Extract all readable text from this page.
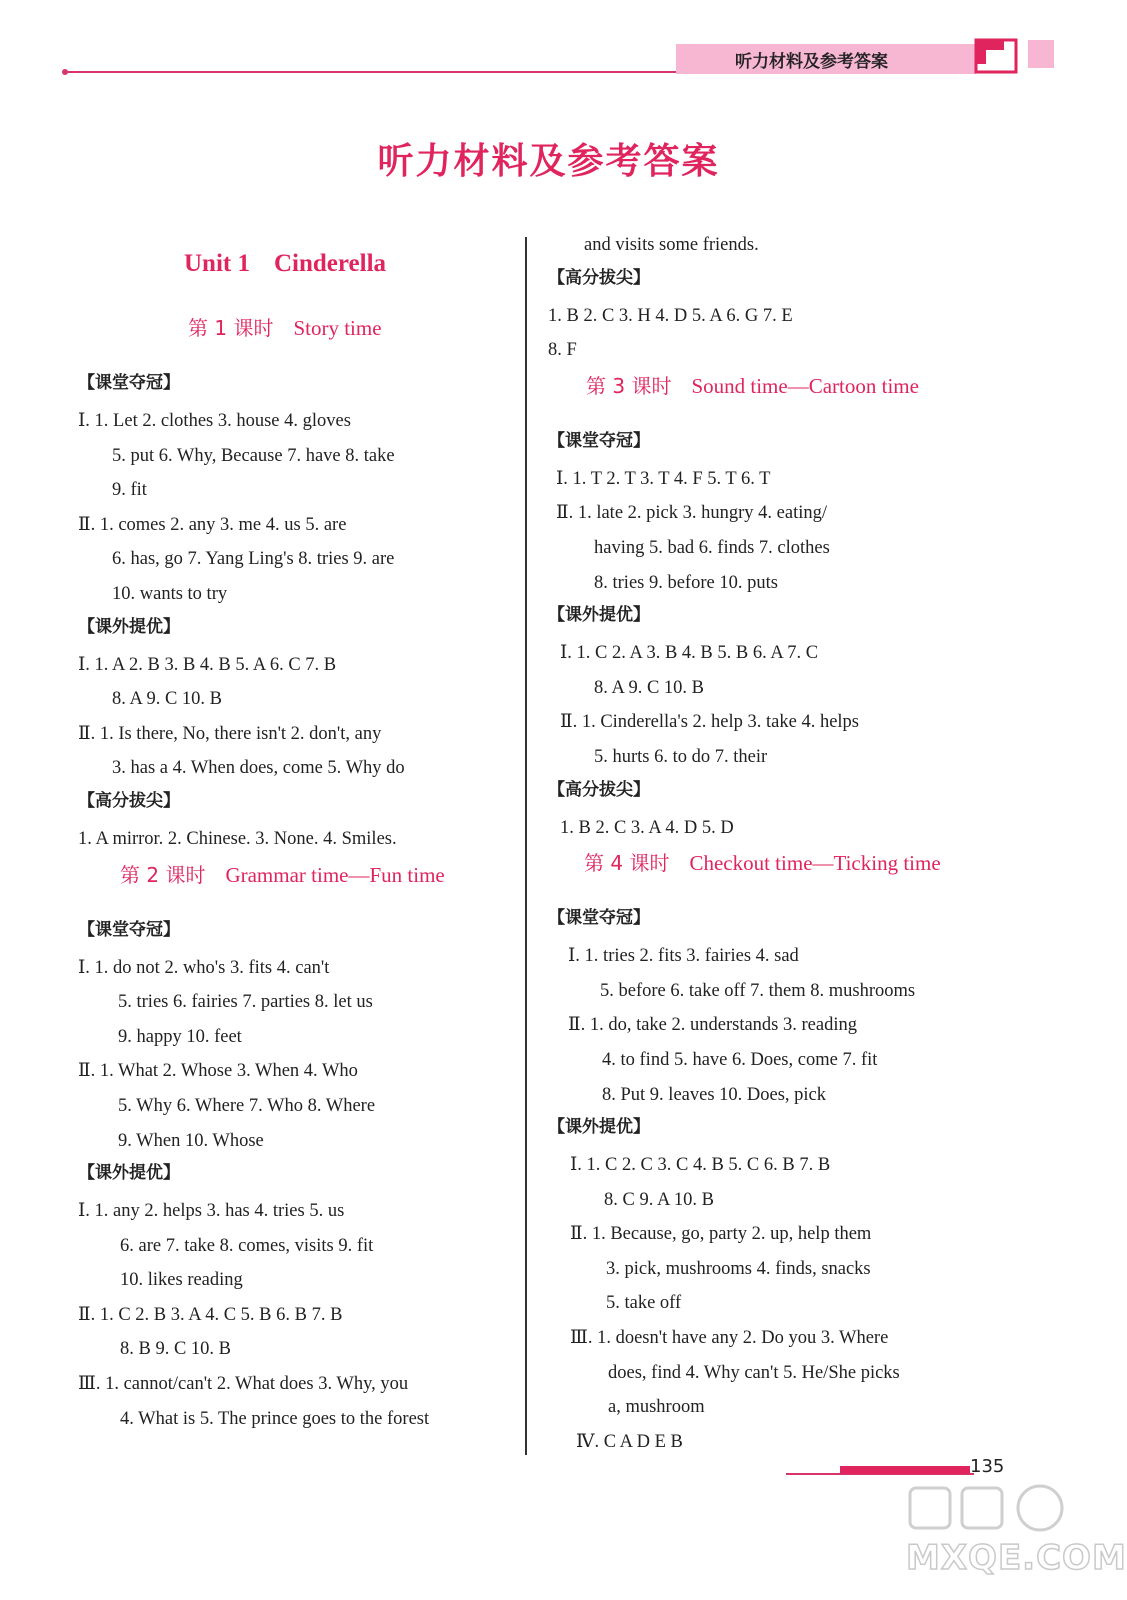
听力材料及参考答案
听力材料及参考答案
Unit 1 Cinderella
第 1 课时 Story time
【课堂夺冠】
Ⅰ. 1. Let 2. clothes 3. house 4. gloves
5. put 6. Why, Because 7. have 8. take
9. fit
Ⅱ. 1. comes 2. any 3. me 4. us 5. are
6. has, go 7. Yang Ling's 8. tries 9. are
10. wants to try
【课外提优】
Ⅰ. 1. A 2. B 3. B 4. B 5. A 6. C 7. B
8. A 9. C 10. B
Ⅱ. 1. Is there, No, there isn't 2. don't, any
3. has a 4. When does, come 5. Why do
【高分拔尖】
1. A mirror. 2. Chinese. 3. None. 4. Smiles.
第 2 课时 Grammar time—Fun time
【课堂夺冠】
Ⅰ. 1. do not 2. who's 3. fits 4. can't
5. tries 6. fairies 7. parties 8. let us
9. happy 10. feet
Ⅱ. 1. What 2. Whose 3. When 4. Who
5. Why 6. Where 7. Who 8. Where
9. When 10. Whose
【课外提优】
Ⅰ. 1. any 2. helps 3. has 4. tries 5. us
6. are 7. take 8. comes, visits 9. fit
10. likes reading
Ⅱ. 1. C 2. B 3. A 4. C 5. B 6. B 7. B
8. B 9. C 10. B
Ⅲ. 1. cannot/can't 2. What does 3. Why, you
4. What is 5. The prince goes to the forest
and visits some friends.
【高分拔尖】
1. B 2. C 3. H 4. D 5. A 6. G 7. E
8. F
第 3 课时 Sound time—Cartoon time
【课堂夺冠】
Ⅰ. 1. T 2. T 3. T 4. F 5. T 6. T
Ⅱ. 1. late 2. pick 3. hungry 4. eating/
having 5. bad 6. finds 7. clothes
8. tries 9. before 10. puts
【课外提优】
Ⅰ. 1. C 2. A 3. B 4. B 5. B 6. A 7. C
8. A 9. C 10. B
Ⅱ. 1. Cinderella's 2. help 3. take 4. helps
5. hurts 6. to do 7. their
【高分拔尖】
1. B 2. C 3. A 4. D 5. D
第 4 课时 Checkout time—Ticking time
【课堂夺冠】
Ⅰ. 1. tries 2. fits 3. fairies 4. sad
5. before 6. take off 7. them 8. mushrooms
Ⅱ. 1. do, take 2. understands 3. reading
4. to find 5. have 6. Does, come 7. fit
8. Put 9. leaves 10. Does, pick
【课外提优】
Ⅰ. 1. C 2. C 3. C 4. B 5. C 6. B 7. B
8. C 9. A 10. B
Ⅱ. 1. Because, go, party 2. up, help them
3. pick, mushrooms 4. finds, snacks
5. take off
Ⅲ. 1. doesn't have any 2. Do you 3. Where
does, find 4. Why can't 5. He/She picks
a, mushroom
Ⅳ. C A D E B
135
MXQE.COM
